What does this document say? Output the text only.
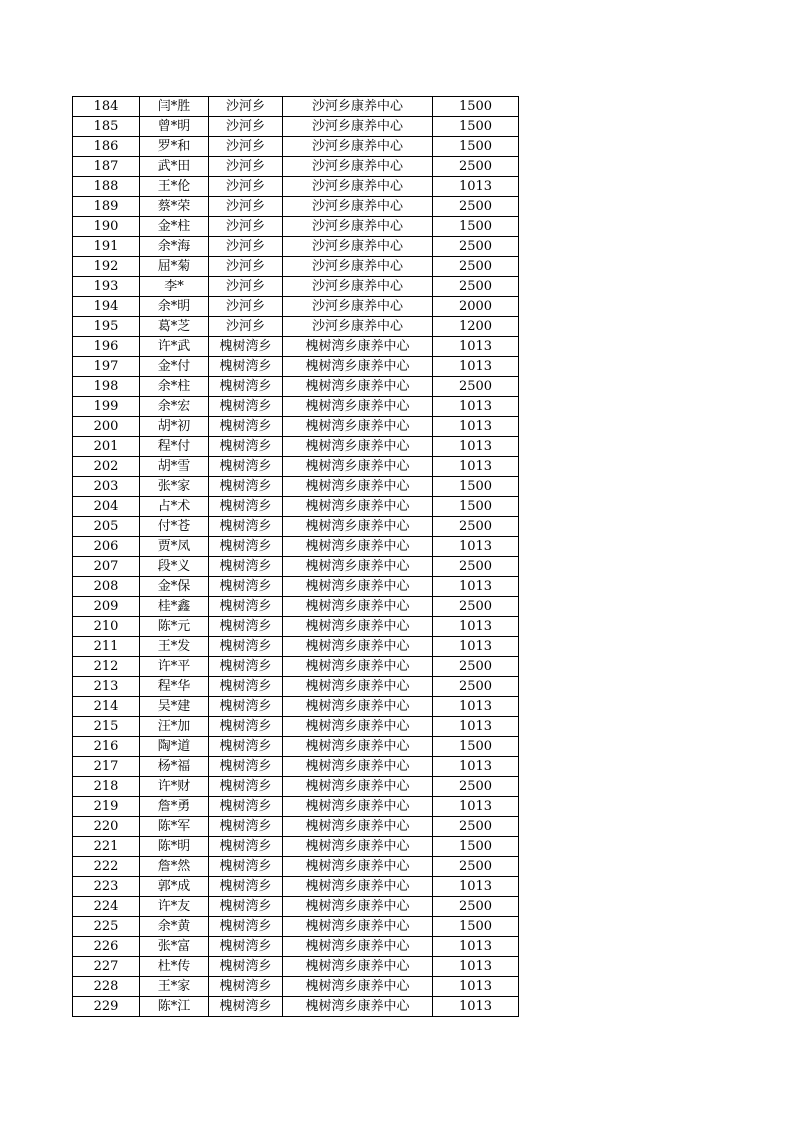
184	闫*胜	沙河乡	沙河乡康养中心	1500
185	曾*明	沙河乡	沙河乡康养中心	1500
186	罗*和	沙河乡	沙河乡康养中心	1500
187	武*田	沙河乡	沙河乡康养中心	2500
188	王*伦	沙河乡	沙河乡康养中心	1013
189	蔡*荣	沙河乡	沙河乡康养中心	2500
190	金*柱	沙河乡	沙河乡康养中心	1500
191	余*海	沙河乡	沙河乡康养中心	2500
192	屈*菊	沙河乡	沙河乡康养中心	2500
193	李*	沙河乡	沙河乡康养中心	2500
194	余*明	沙河乡	沙河乡康养中心	2000
195	葛*芝	沙河乡	沙河乡康养中心	1200
196	许*武	槐树湾乡	槐树湾乡康养中心	1013
197	金*付	槐树湾乡	槐树湾乡康养中心	1013
198	余*柱	槐树湾乡	槐树湾乡康养中心	2500
199	余*宏	槐树湾乡	槐树湾乡康养中心	1013
200	胡*初	槐树湾乡	槐树湾乡康养中心	1013
201	程*付	槐树湾乡	槐树湾乡康养中心	1013
202	胡*雪	槐树湾乡	槐树湾乡康养中心	1013
203	张*家	槐树湾乡	槐树湾乡康养中心	1500
204	占*术	槐树湾乡	槐树湾乡康养中心	1500
205	付*苍	槐树湾乡	槐树湾乡康养中心	2500
206	贾*凤	槐树湾乡	槐树湾乡康养中心	1013
207	段*义	槐树湾乡	槐树湾乡康养中心	2500
208	金*保	槐树湾乡	槐树湾乡康养中心	1013
209	桂*鑫	槐树湾乡	槐树湾乡康养中心	2500
210	陈*元	槐树湾乡	槐树湾乡康养中心	1013
211	王*发	槐树湾乡	槐树湾乡康养中心	1013
212	许*平	槐树湾乡	槐树湾乡康养中心	2500
213	程*华	槐树湾乡	槐树湾乡康养中心	2500
214	吴*建	槐树湾乡	槐树湾乡康养中心	1013
215	汪*加	槐树湾乡	槐树湾乡康养中心	1013
216	陶*道	槐树湾乡	槐树湾乡康养中心	1500
217	杨*福	槐树湾乡	槐树湾乡康养中心	1013
218	许*财	槐树湾乡	槐树湾乡康养中心	2500
219	詹*勇	槐树湾乡	槐树湾乡康养中心	1013
220	陈*军	槐树湾乡	槐树湾乡康养中心	2500
221	陈*明	槐树湾乡	槐树湾乡康养中心	1500
222	詹*然	槐树湾乡	槐树湾乡康养中心	2500
223	郭*成	槐树湾乡	槐树湾乡康养中心	1013
224	许*友	槐树湾乡	槐树湾乡康养中心	2500
225	余*黄	槐树湾乡	槐树湾乡康养中心	1500
226	张*富	槐树湾乡	槐树湾乡康养中心	1013
227	杜*传	槐树湾乡	槐树湾乡康养中心	1013
228	王*家	槐树湾乡	槐树湾乡康养中心	1013
229	陈*江	槐树湾乡	槐树湾乡康养中心	1013
